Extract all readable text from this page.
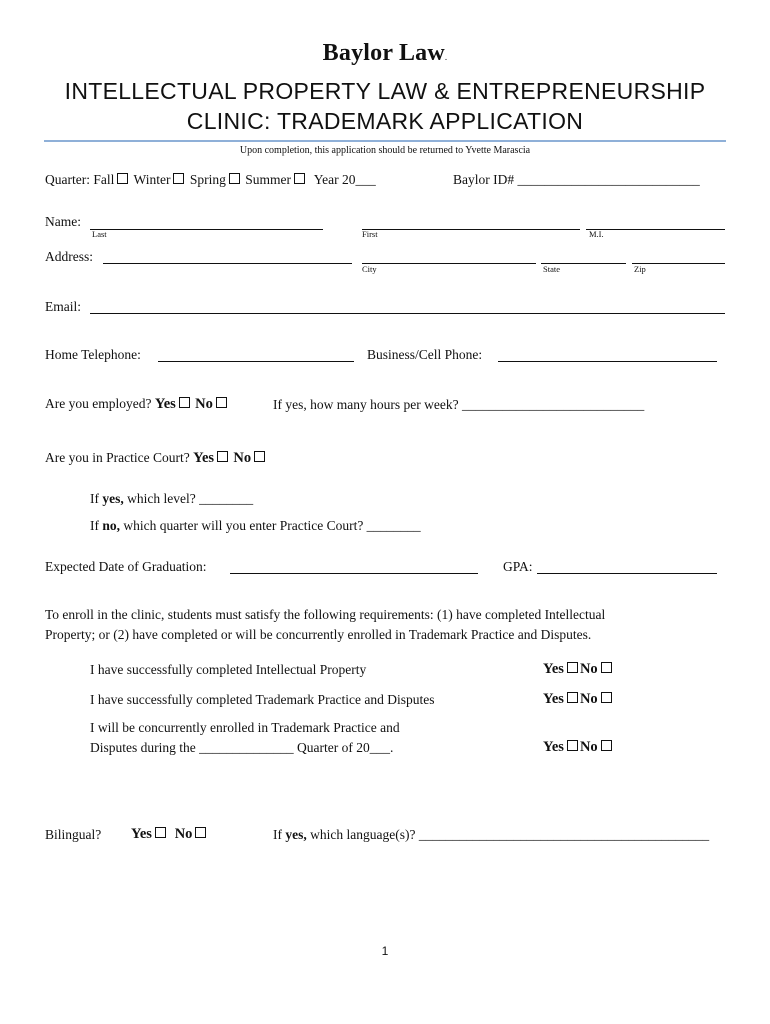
Baylor Law.
INTELLECTUAL PROPERTY LAW & ENTREPRENEURSHIP
CLINIC: TRADEMARK APPLICATION
Upon completion, this application should be returned to Yvette Marascia
Quarter: Fall Winter Spring Summer Year 20___	Baylor ID# ___________________________
Name:
Last	First	M.I.
Address:
City	State	Zip
Email:
Home Telephone:	Business/Cell Phone:
Are you employed? Yes No	If yes, how many hours per week? ___________________________
Are you in Practice Court? Yes No
If yes, which level? ________
If no, which quarter will you enter Practice Court? ________
Expected Date of Graduation:	GPA:
To enroll in the clinic, students must satisfy the following requirements: (1) have completed Intellectual
Property; or (2) have completed or will be concurrently enrolled in Trademark Practice and Disputes.
I have successfully completed Intellectual Property	Yes No
I have successfully completed Trademark Practice and Disputes	Yes No
I will be concurrently enrolled in Trademark Practice and
Disputes during the ______________ Quarter of 20___.	Yes No
Bilingual? Yes No	If yes, which language(s)? ___________________________________________
1
